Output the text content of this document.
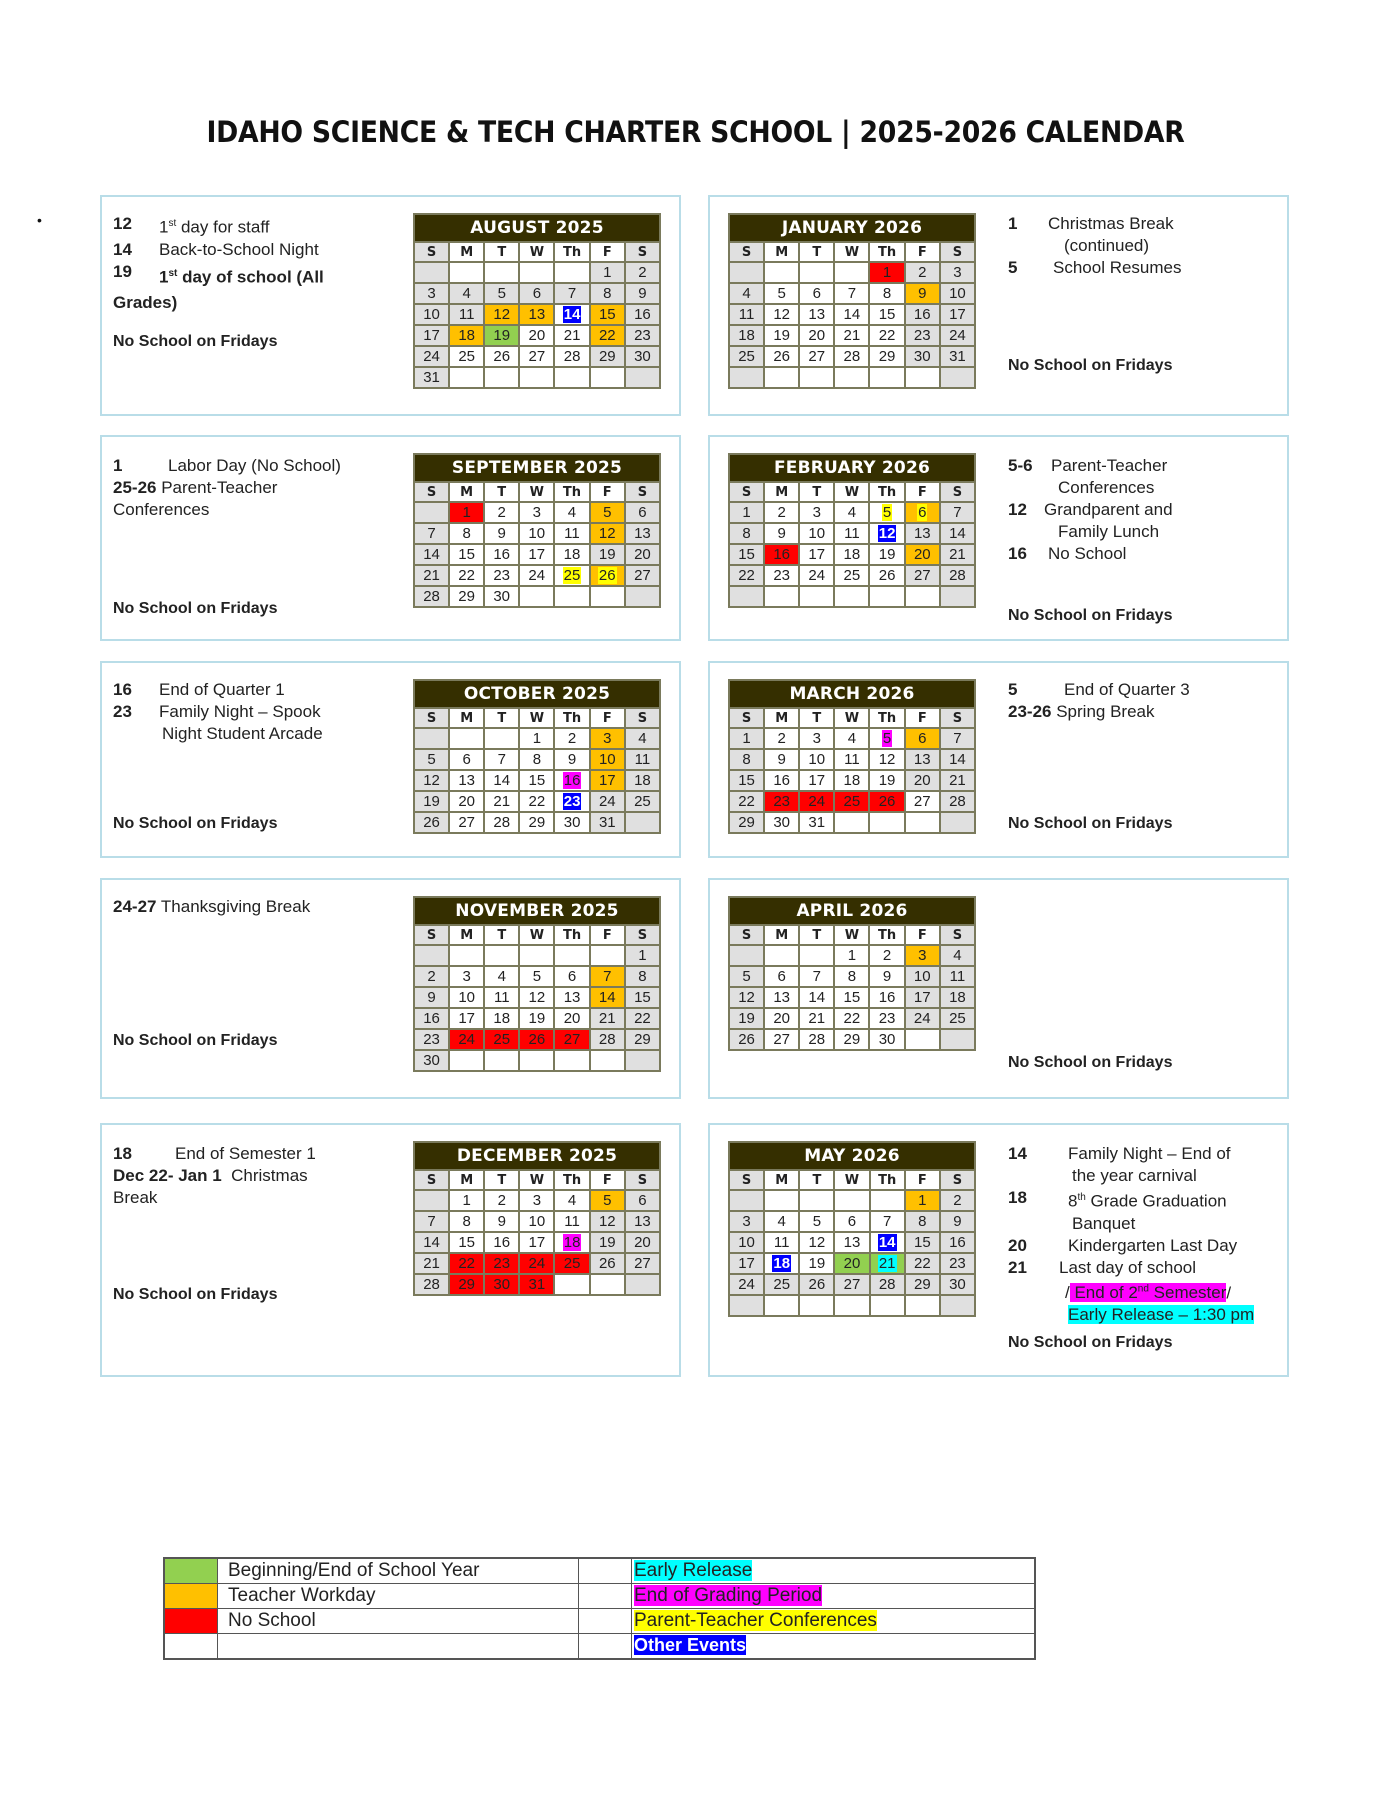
IDAHO SCIENCE & TECH CHARTER SCHOOL | 2025-2026 CALENDAR
•	12	1st day for staff
14	Back-to-School Night
19	1st day of school (All
Grades)
No School on Fridays
AUGUST 2025						
S	M	T	W	Th	F	S
					1	2
3	4	5	6	7	8	9
10	11	12	13	14	15	16
17	18	19	20	21	22	23
24	25	26	27	28	29	30
31						
JANUARY 2026						
S	M	T	W	Th	F	S
				1	2	3
4	5	6	7	8	9	10
11	12	13	14	15	16	17
18	19	20	21	22	23	24
25	26	27	28	29	30	31

1	Christmas Break
(continued)
5	School Resumes
No School on Fridays
1	Labor Day (No School)
25-26 Parent-Teacher
Conferences
No School on Fridays
SEPTEMBER 2025						
S	M	T	W	Th	F	S
	1	2	3	4	5	6
7	8	9	10	11	12	13
14	15	16	17	18	19	20
21	22	23	24	25	26	27
28	29	30				
FEBRUARY 2026						
S	M	T	W	Th	F	S
1	2	3	4	5	6	7
8	9	10	11	12	13	14
15	16	17	18	19	20	21
22	23	24	25	26	27	28

5-6	Parent-Teacher
Conferences
12	Grandparent and
Family Lunch
16	No School
No School on Fridays
16	End of Quarter 1
23	Family Night – Spook
Night Student Arcade
No School on Fridays
OCTOBER 2025						
S	M	T	W	Th	F	S
			1	2	3	4
5	6	7	8	9	10	11
12	13	14	15	16	17	18
19	20	21	22	23	24	25
26	27	28	29	30	31	
MARCH 2026						
S	M	T	W	Th	F	S
1	2	3	4	5	6	7
8	9	10	11	12	13	14
15	16	17	18	19	20	21
22	23	24	25	26	27	28
29	30	31				
5	End of Quarter 3
23-26 Spring Break
No School on Fridays
24-27 Thanksgiving Break
No School on Fridays
NOVEMBER 2025						
S	M	T	W	Th	F	S
						1
2	3	4	5	6	7	8
9	10	11	12	13	14	15
16	17	18	19	20	21	22
23	24	25	26	27	28	29
30						
APRIL 2026						
S	M	T	W	Th	F	S
			1	2	3	4
5	6	7	8	9	10	11
12	13	14	15	16	17	18
19	20	21	22	23	24	25
26	27	28	29	30		
No School on Fridays
18	End of Semester 1
Dec 22- Jan 1 Christmas
Break
No School on Fridays
DECEMBER 2025						
S	M	T	W	Th	F	S
	1	2	3	4	5	6
7	8	9	10	11	12	13
14	15	16	17	18	19	20
21	22	23	24	25	26	27
28	29	30	31			
MAY 2026						
S	M	T	W	Th	F	S
					1	2
3	4	5	6	7	8	9
10	11	12	13	14	15	16
17	18	19	20	21	22	23
24	25	26	27	28	29	30

14	Family Night – End of
the year carnival
18	8th Grade Graduation
Banquet
20	Kindergarten Last Day
21	Last day of school
/ End of 2nd Semester/
Early Release – 1:30 pm
No School on Fridays
	Beginning/End of School Year		Early Release
	Teacher Workday		End of Grading Period
	No School		Parent-Teacher Conferences
			Other Events
